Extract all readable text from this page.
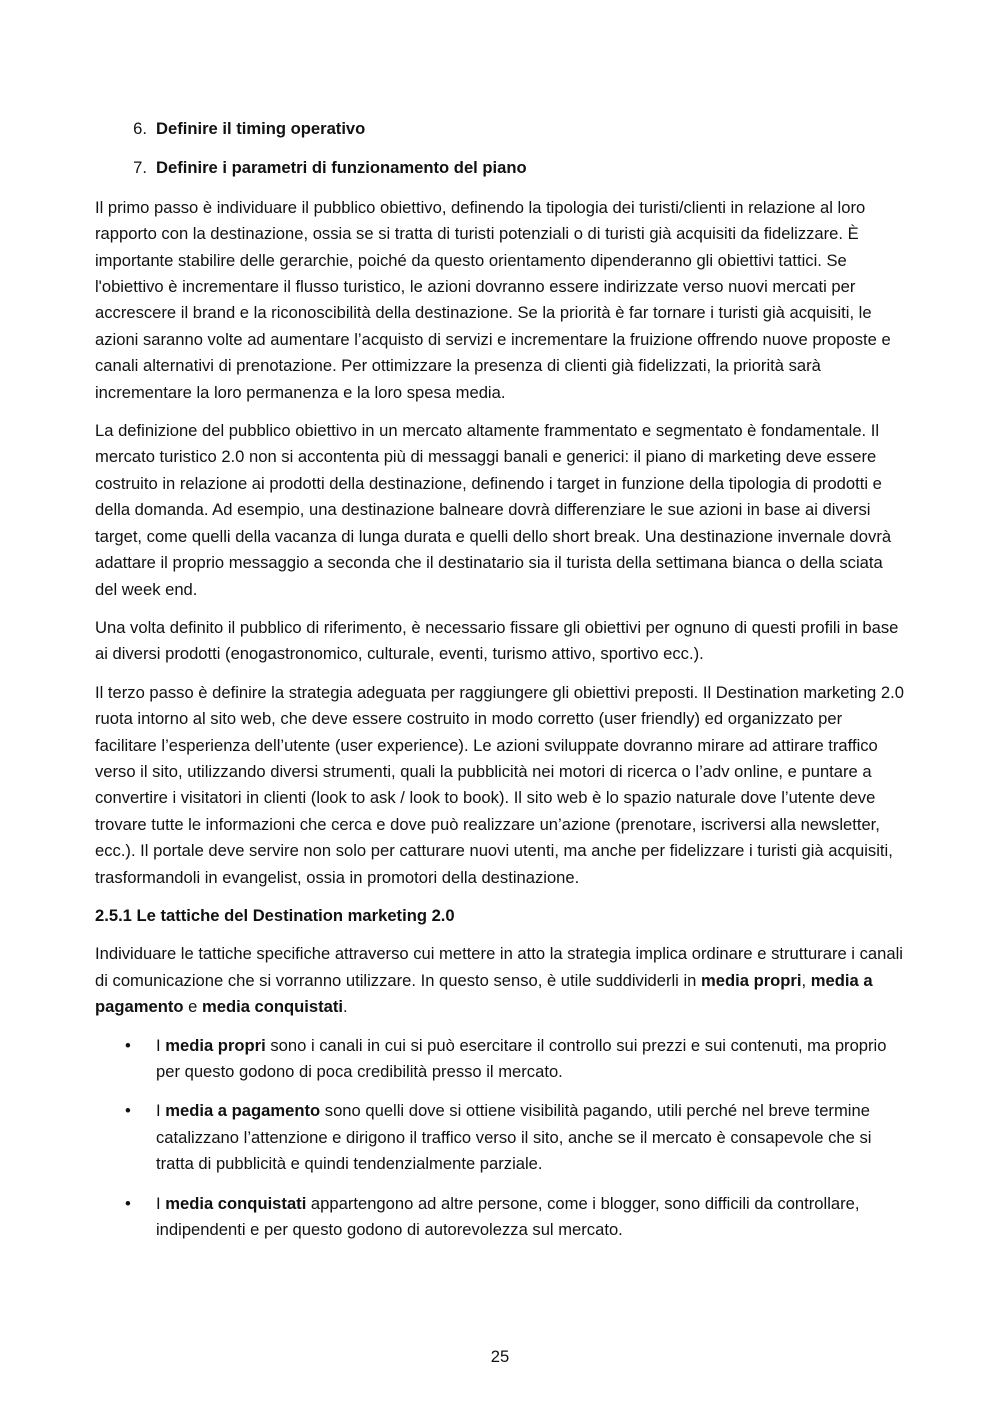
6. Definire il timing operativo
7. Definire i parametri di funzionamento del piano

Il primo passo è individuare il pubblico obiettivo, definendo la tipologia dei turisti/clienti in relazione al loro rapporto con la destinazione, ossia se si tratta di turisti potenziali o di turisti già acquisiti da fidelizzare. È importante stabilire delle gerarchie, poiché da questo orientamento dipenderanno gli obiettivi tattici. Se l'obiettivo è incrementare il flusso turistico, le azioni dovranno essere indirizzate verso nuovi mercati per accrescere il brand e la riconoscibilità della destinazione. Se la priorità è far tornare i turisti già acquisiti, le azioni saranno volte ad aumentare l’acquisto di servizi e incrementare la fruizione offrendo nuove proposte e canali alternativi di prenotazione. Per ottimizzare la presenza di clienti già fidelizzati, la priorità sarà incrementare la loro permanenza e la loro spesa media.

La definizione del pubblico obiettivo in un mercato altamente frammentato e segmentato è fondamentale. Il mercato turistico 2.0 non si accontenta più di messaggi banali e generici: il piano di marketing deve essere costruito in relazione ai prodotti della destinazione, definendo i target in funzione della tipologia di prodotti e della domanda. Ad esempio, una destinazione balneare dovrà differenziare le sue azioni in base ai diversi target, come quelli della vacanza di lunga durata e quelli dello short break. Una destinazione invernale dovrà adattare il proprio messaggio a seconda che il destinatario sia il turista della settimana bianca o della sciata del week end.

Una volta definito il pubblico di riferimento, è necessario fissare gli obiettivi per ognuno di questi profili in base ai diversi prodotti (enogastronomico, culturale, eventi, turismo attivo, sportivo ecc.).

Il terzo passo è definire la strategia adeguata per raggiungere gli obiettivi preposti. Il Destination marketing 2.0 ruota intorno al sito web, che deve essere costruito in modo corretto (user friendly) ed organizzato per facilitare l’esperienza dell’utente (user experience). Le azioni sviluppate dovranno mirare ad attirare traffico verso il sito, utilizzando diversi strumenti, quali la pubblicità nei motori di ricerca o l’adv online, e puntare a convertire i visitatori in clienti (look to ask / look to book). Il sito web è lo spazio naturale dove l’utente deve trovare tutte le informazioni che cerca e dove può realizzare un’azione (prenotare, iscriversi alla newsletter, ecc.). Il portale deve servire non solo per catturare nuovi utenti, ma anche per fidelizzare i turisti già acquisiti, trasformandoli in evangelist, ossia in promotori della destinazione.

2.5.1 Le tattiche del Destination marketing 2.0

Individuare le tattiche specifiche attraverso cui mettere in atto la strategia implica ordinare e strutturare i canali di comunicazione che si vorranno utilizzare. In questo senso, è utile suddividerli in media propri, media a pagamento e media conquistati.

•	I media propri sono i canali in cui si può esercitare il controllo sui prezzi e sui contenuti, ma proprio per questo godono di poca credibilità presso il mercato.
•	I media a pagamento sono quelli dove si ottiene visibilità pagando, utili perché nel breve termine catalizzano l’attenzione e dirigono il traffico verso il sito, anche se il mercato è consapevole che si tratta di pubblicità e quindi tendenzialmente parziale.
•	I media conquistati appartengono ad altre persone, come i blogger, sono difficili da controllare, indipendenti e per questo godono di autorevolezza sul mercato.
25
